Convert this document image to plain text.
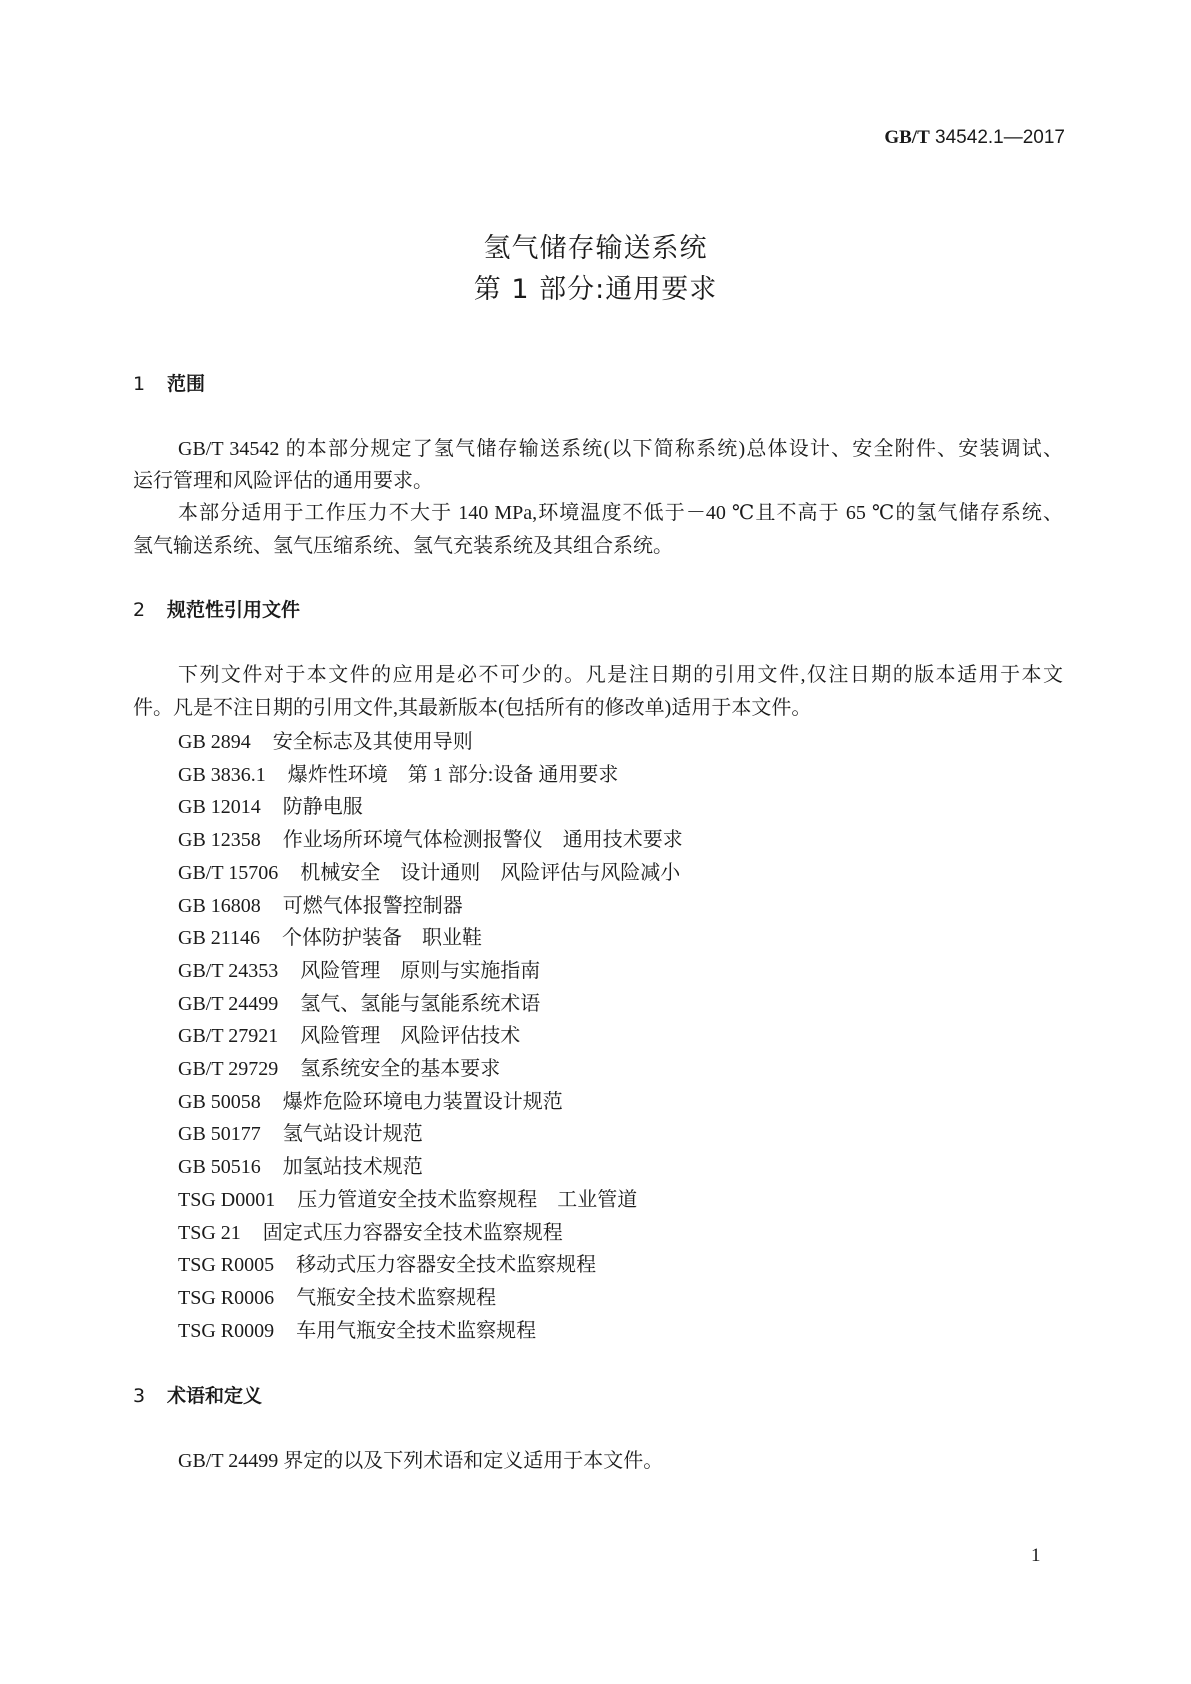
GB/T 34542.1—2017
氢气储存输送系统
第 1 部分:通用要求
1 范围
GB/T 34542 的本部分规定了氢气储存输送系统(以下简称系统)总体设计、安全附件、安装调试、
运行管理和风险评估的通用要求。
本部分适用于工作压力不大于 140 MPa,环境温度不低于－40 ℃且不高于 65 ℃的氢气储存系统、
氢气输送系统、氢气压缩系统、氢气充装系统及其组合系统。
2 规范性引用文件
下列文件对于本文件的应用是必不可少的。凡是注日期的引用文件,仅注日期的版本适用于本文
件。凡是不注日期的引用文件,其最新版本(包括所有的修改单)适用于本文件。
GB 2894 安全标志及其使用导则
GB 3836.1 爆炸性环境　第 1 部分:设备 通用要求
GB 12014 防静电服
GB 12358 作业场所环境气体检测报警仪　通用技术要求
GB/T 15706 机械安全　设计通则　风险评估与风险减小
GB 16808 可燃气体报警控制器
GB 21146 个体防护装备　职业鞋
GB/T 24353 风险管理　原则与实施指南
GB/T 24499 氢气、氢能与氢能系统术语
GB/T 27921 风险管理　风险评估技术
GB/T 29729 氢系统安全的基本要求
GB 50058 爆炸危险环境电力装置设计规范
GB 50177 氢气站设计规范
GB 50516 加氢站技术规范
TSG D0001 压力管道安全技术监察规程　工业管道
TSG 21 固定式压力容器安全技术监察规程
TSG R0005 移动式压力容器安全技术监察规程
TSG R0006 气瓶安全技术监察规程
TSG R0009 车用气瓶安全技术监察规程
3 术语和定义
GB/T 24499 界定的以及下列术语和定义适用于本文件。
1
